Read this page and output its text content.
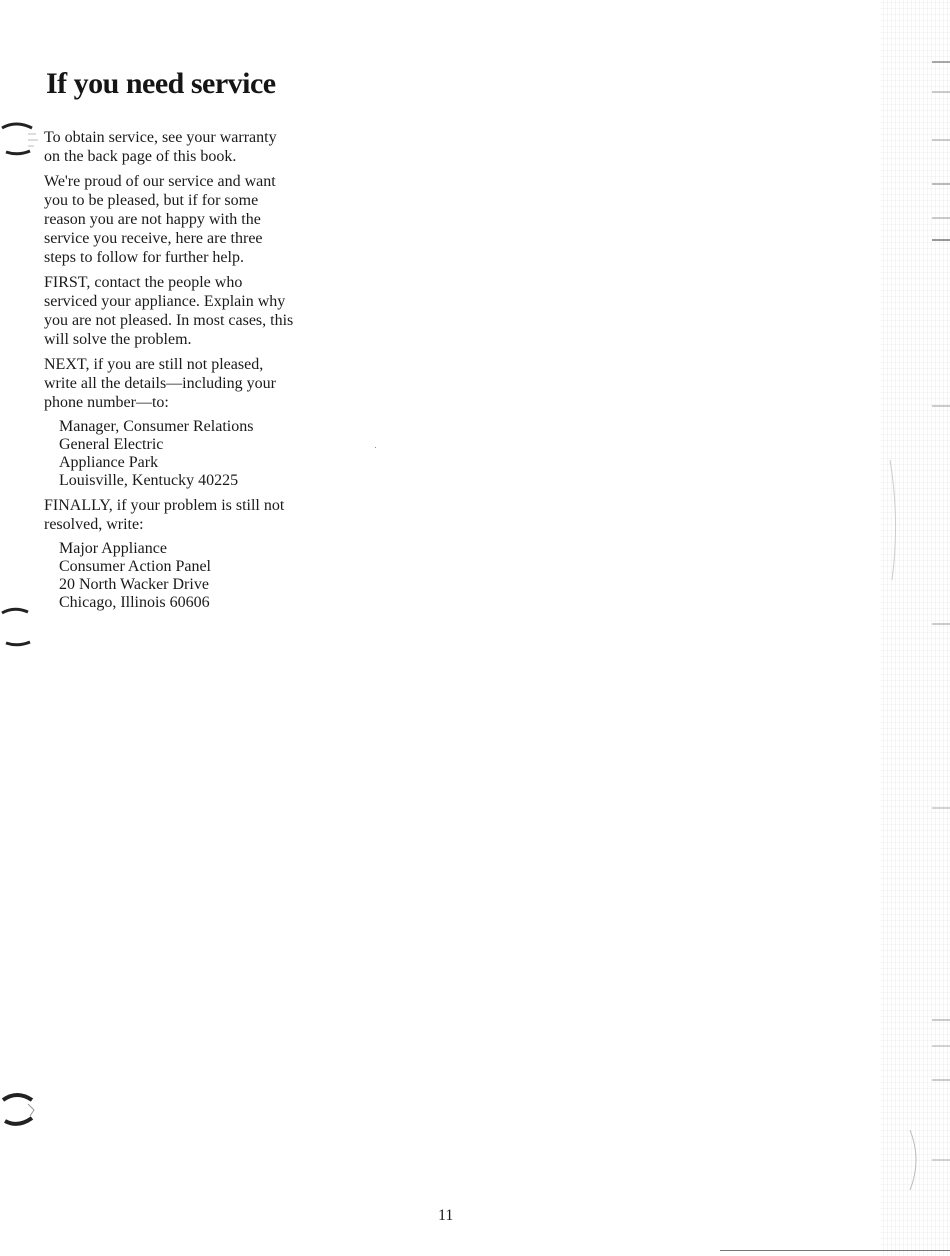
If you need service

To obtain service, see your warranty on the back page of this book.

We're proud of our service and want you to be pleased, but if for some reason you are not happy with the service you receive, here are three steps to follow for further help.

FIRST, contact the people who serviced your appliance. Explain why you are not pleased. In most cases, this will solve the problem.

NEXT, if you are still not pleased, write all the details—including your phone number—to:

Manager, Consumer Relations
General Electric
Appliance Park
Louisville, Kentucky 40225

FINALLY, if your problem is still not resolved, write:

Major Appliance
Consumer Action Panel
20 North Wacker Drive
Chicago, Illinois 60606
11
